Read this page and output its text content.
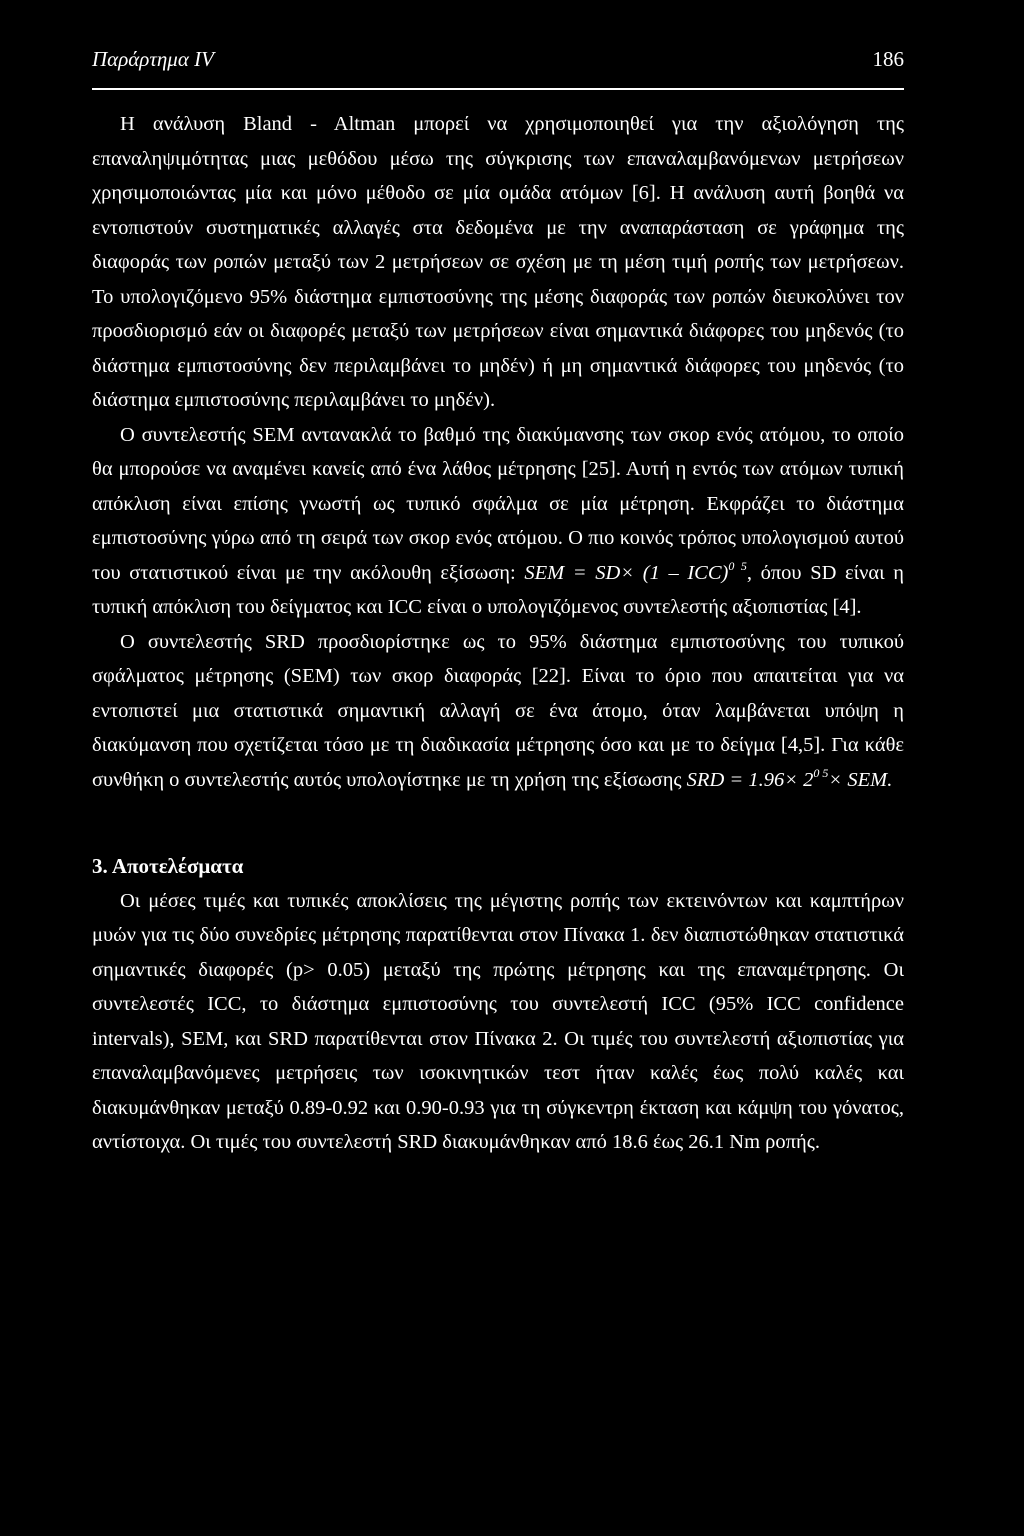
Παράρτημα IV	186

Η ανάλυση Bland - Altman μπορεί να χρησιμοποιηθεί για την αξιολόγηση της επαναληψιμότητας μιας μεθόδου μέσω της σύγκρισης των επαναλαμβανόμενων μετρήσεων χρησιμοποιώντας μία και μόνο μέθοδο σε μία ομάδα ατόμων [6]. Η ανάλυση αυτή βοηθά να εντοπιστούν συστηματικές αλλαγές στα δεδομένα με την αναπαράσταση σε γράφημα της διαφοράς των ροπών μεταξύ των 2 μετρήσεων σε σχέση με τη μέση τιμή ροπής των μετρήσεων. Το υπολογιζόμενο 95% διάστημα εμπιστοσύνης της μέσης διαφοράς των ροπών διευκολύνει τον προσδιορισμό εάν οι διαφορές μεταξύ των μετρήσεων είναι σημαντικά διάφορες του μηδενός (το διάστημα εμπιστοσύνης δεν περιλαμβάνει το μηδέν) ή μη σημαντικά διάφορες του μηδενός (το διάστημα εμπιστοσύνης περιλαμβάνει το μηδέν).

Ο συντελεστής SEM αντανακλά το βαθμό της διακύμανσης των σκορ ενός ατόμου, το οποίο θα μπορούσε να αναμένει κανείς από ένα λάθος μέτρησης [25]. Αυτή η εντός των ατόμων τυπική απόκλιση είναι επίσης γνωστή ως τυπικό σφάλμα σε μία μέτρηση. Εκφράζει το διάστημα εμπιστοσύνης γύρω από τη σειρά των σκορ ενός ατόμου. Ο πιο κοινός τρόπος υπολογισμού αυτού του στατιστικού είναι με την ακόλουθη εξίσωση: SEM = SD× (1 – ICC)$^{0 5}$, όπου SD είναι η τυπική απόκλιση του δείγματος και ICC είναι ο υπολογιζόμενος συντελεστής αξιοπιστίας [4].

Ο συντελεστής SRD προσδιορίστηκε ως το 95% διάστημα εμπιστοσύνης του τυπικού σφάλματος μέτρησης (SEM) των σκορ διαφοράς [22]. Είναι το όριο που απαιτείται για να εντοπιστεί μια στατιστικά σημαντική αλλαγή σε ένα άτομο, όταν λαμβάνεται υπόψη η διακύμανση που σχετίζεται τόσο με τη διαδικασία μέτρησης όσο και με το δείγμα [4,5]. Για κάθε συνθήκη ο συντελεστής αυτός υπολογίστηκε με τη χρήση της εξίσωσης SRD = $1.96\times 2^{0 5}\times$ SEM.

3. Αποτελέσματα

Οι μέσες τιμές και τυπικές αποκλίσεις της μέγιστης ροπής των εκτεινόντων και καμπτήρων μυών για τις δύο συνεδρίες μέτρησης παρατίθενται στον Πίνακα 1. δεν διαπιστώθηκαν στατιστικά σημαντικές διαφορές (p> 0.05) μεταξύ της πρώτης μέτρησης και της επαναμέτρησης. Οι συντελεστές ICC, το διάστημα εμπιστοσύνης του συντελεστή ICC (95% ICC confidence intervals), SEM, και SRD παρατίθενται στον Πίνακα 2. Οι τιμές του συντελεστή αξιοπιστίας για επαναλαμβανόμενες μετρήσεις των ισοκινητικών τεστ ήταν καλές έως πολύ καλές και διακυμάνθηκαν μεταξύ 0.89-0.92 και 0.90-0.93 για τη σύγκεντρη έκταση και κάμψη του γόνατος, αντίστοιχα. Οι τιμές του συντελεστή SRD διακυμάνθηκαν από 18.6 έως 26.1 Nm ροπής.
